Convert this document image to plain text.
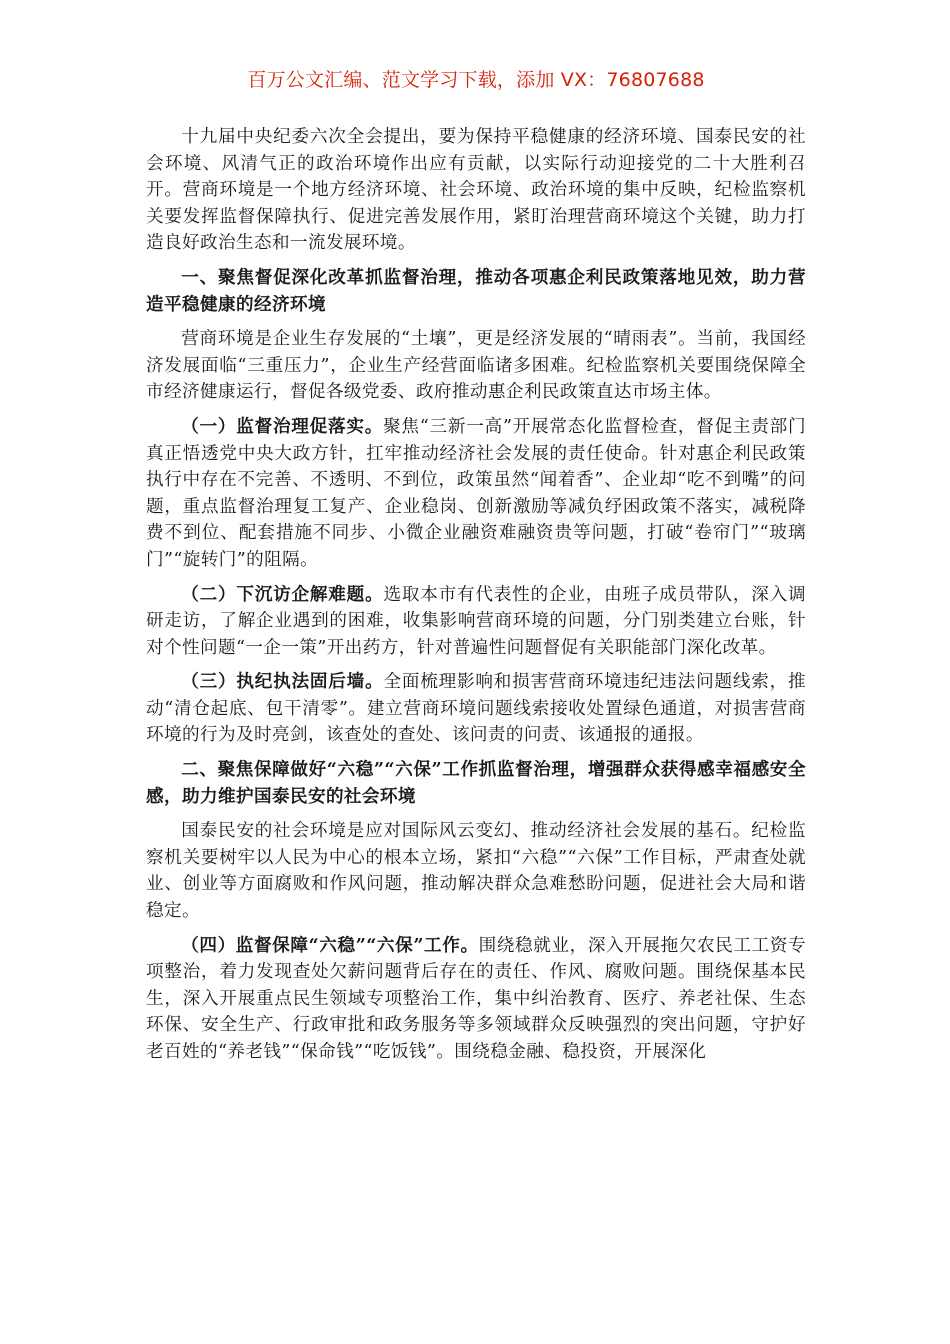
百万公文汇编、范文学习下载，添加 VX：76807688

十九届中央纪委六次全会提出，要为保持平稳健康的经济环境、国泰民安的社会环境、风清气正的政治环境作出应有贡献，以实际行动迎接党的二十大胜利召开。营商环境是一个地方经济环境、社会环境、政治环境的集中反映，纪检监察机关要发挥监督保障执行、促进完善发展作用，紧盯治理营商环境这个关键，助力打造良好政治生态和一流发展环境。

一、聚焦督促深化改革抓监督治理，推动各项惠企利民政策落地见效，助力营造平稳健康的经济环境

营商环境是企业生存发展的“土壤”，更是经济发展的“晴雨表”。当前，我国经济发展面临“三重压力”，企业生产经营面临诸多困难。纪检监察机关要围绕保障全市经济健康运行，督促各级党委、政府推动惠企利民政策直达市场主体。

（一）监督治理促落实。聚焦“三新一高”开展常态化监督检查，督促主责部门真正悟透党中央大政方针，扛牢推动经济社会发展的责任使命。针对惠企利民政策执行中存在不完善、不透明、不到位，政策虽然“闻着香”、企业却“吃不到嘴”的问题，重点监督治理复工复产、企业稳岗、创新激励等减负纾困政策不落实，减税降费不到位、配套措施不同步、小微企业融资难融资贵等问题，打破“卷帘门”“玻璃门”“旋转门”的阻隔。

（二）下沉访企解难题。选取本市有代表性的企业，由班子成员带队，深入调研走访，了解企业遇到的困难，收集影响营商环境的问题，分门别类建立台账，针对个性问题“一企一策”开出药方，针对普遍性问题督促有关职能部门深化改革。

（三）执纪执法固后墙。全面梳理影响和损害营商环境违纪违法问题线索，推动“清仓起底、包干清零”。建立营商环境问题线索接收处置绿色通道，对损害营商环境的行为及时亮剑，该查处的查处、该问责的问责、该通报的通报。

二、聚焦保障做好“六稳”“六保”工作抓监督治理，增强群众获得感幸福感安全感，助力维护国泰民安的社会环境

国泰民安的社会环境是应对国际风云变幻、推动经济社会发展的基石。纪检监察机关要树牢以人民为中心的根本立场，紧扣“六稳”“六保”工作目标，严肃查处就业、创业等方面腐败和作风问题，推动解决群众急难愁盼问题，促进社会大局和谐稳定。

（四）监督保障“六稳”“六保”工作。围绕稳就业，深入开展拖欠农民工工资专项整治，着力发现查处欠薪问题背后存在的责任、作风、腐败问题。围绕保基本民生，深入开展重点民生领域专项整治工作，集中纠治教育、医疗、养老社保、生态环保、安全生产、行政审批和政务服务等多领域群众反映强烈的突出问题，守护好老百姓的“养老钱”“保命钱”“吃饭钱”。围绕稳金融、稳投资，开展深化
